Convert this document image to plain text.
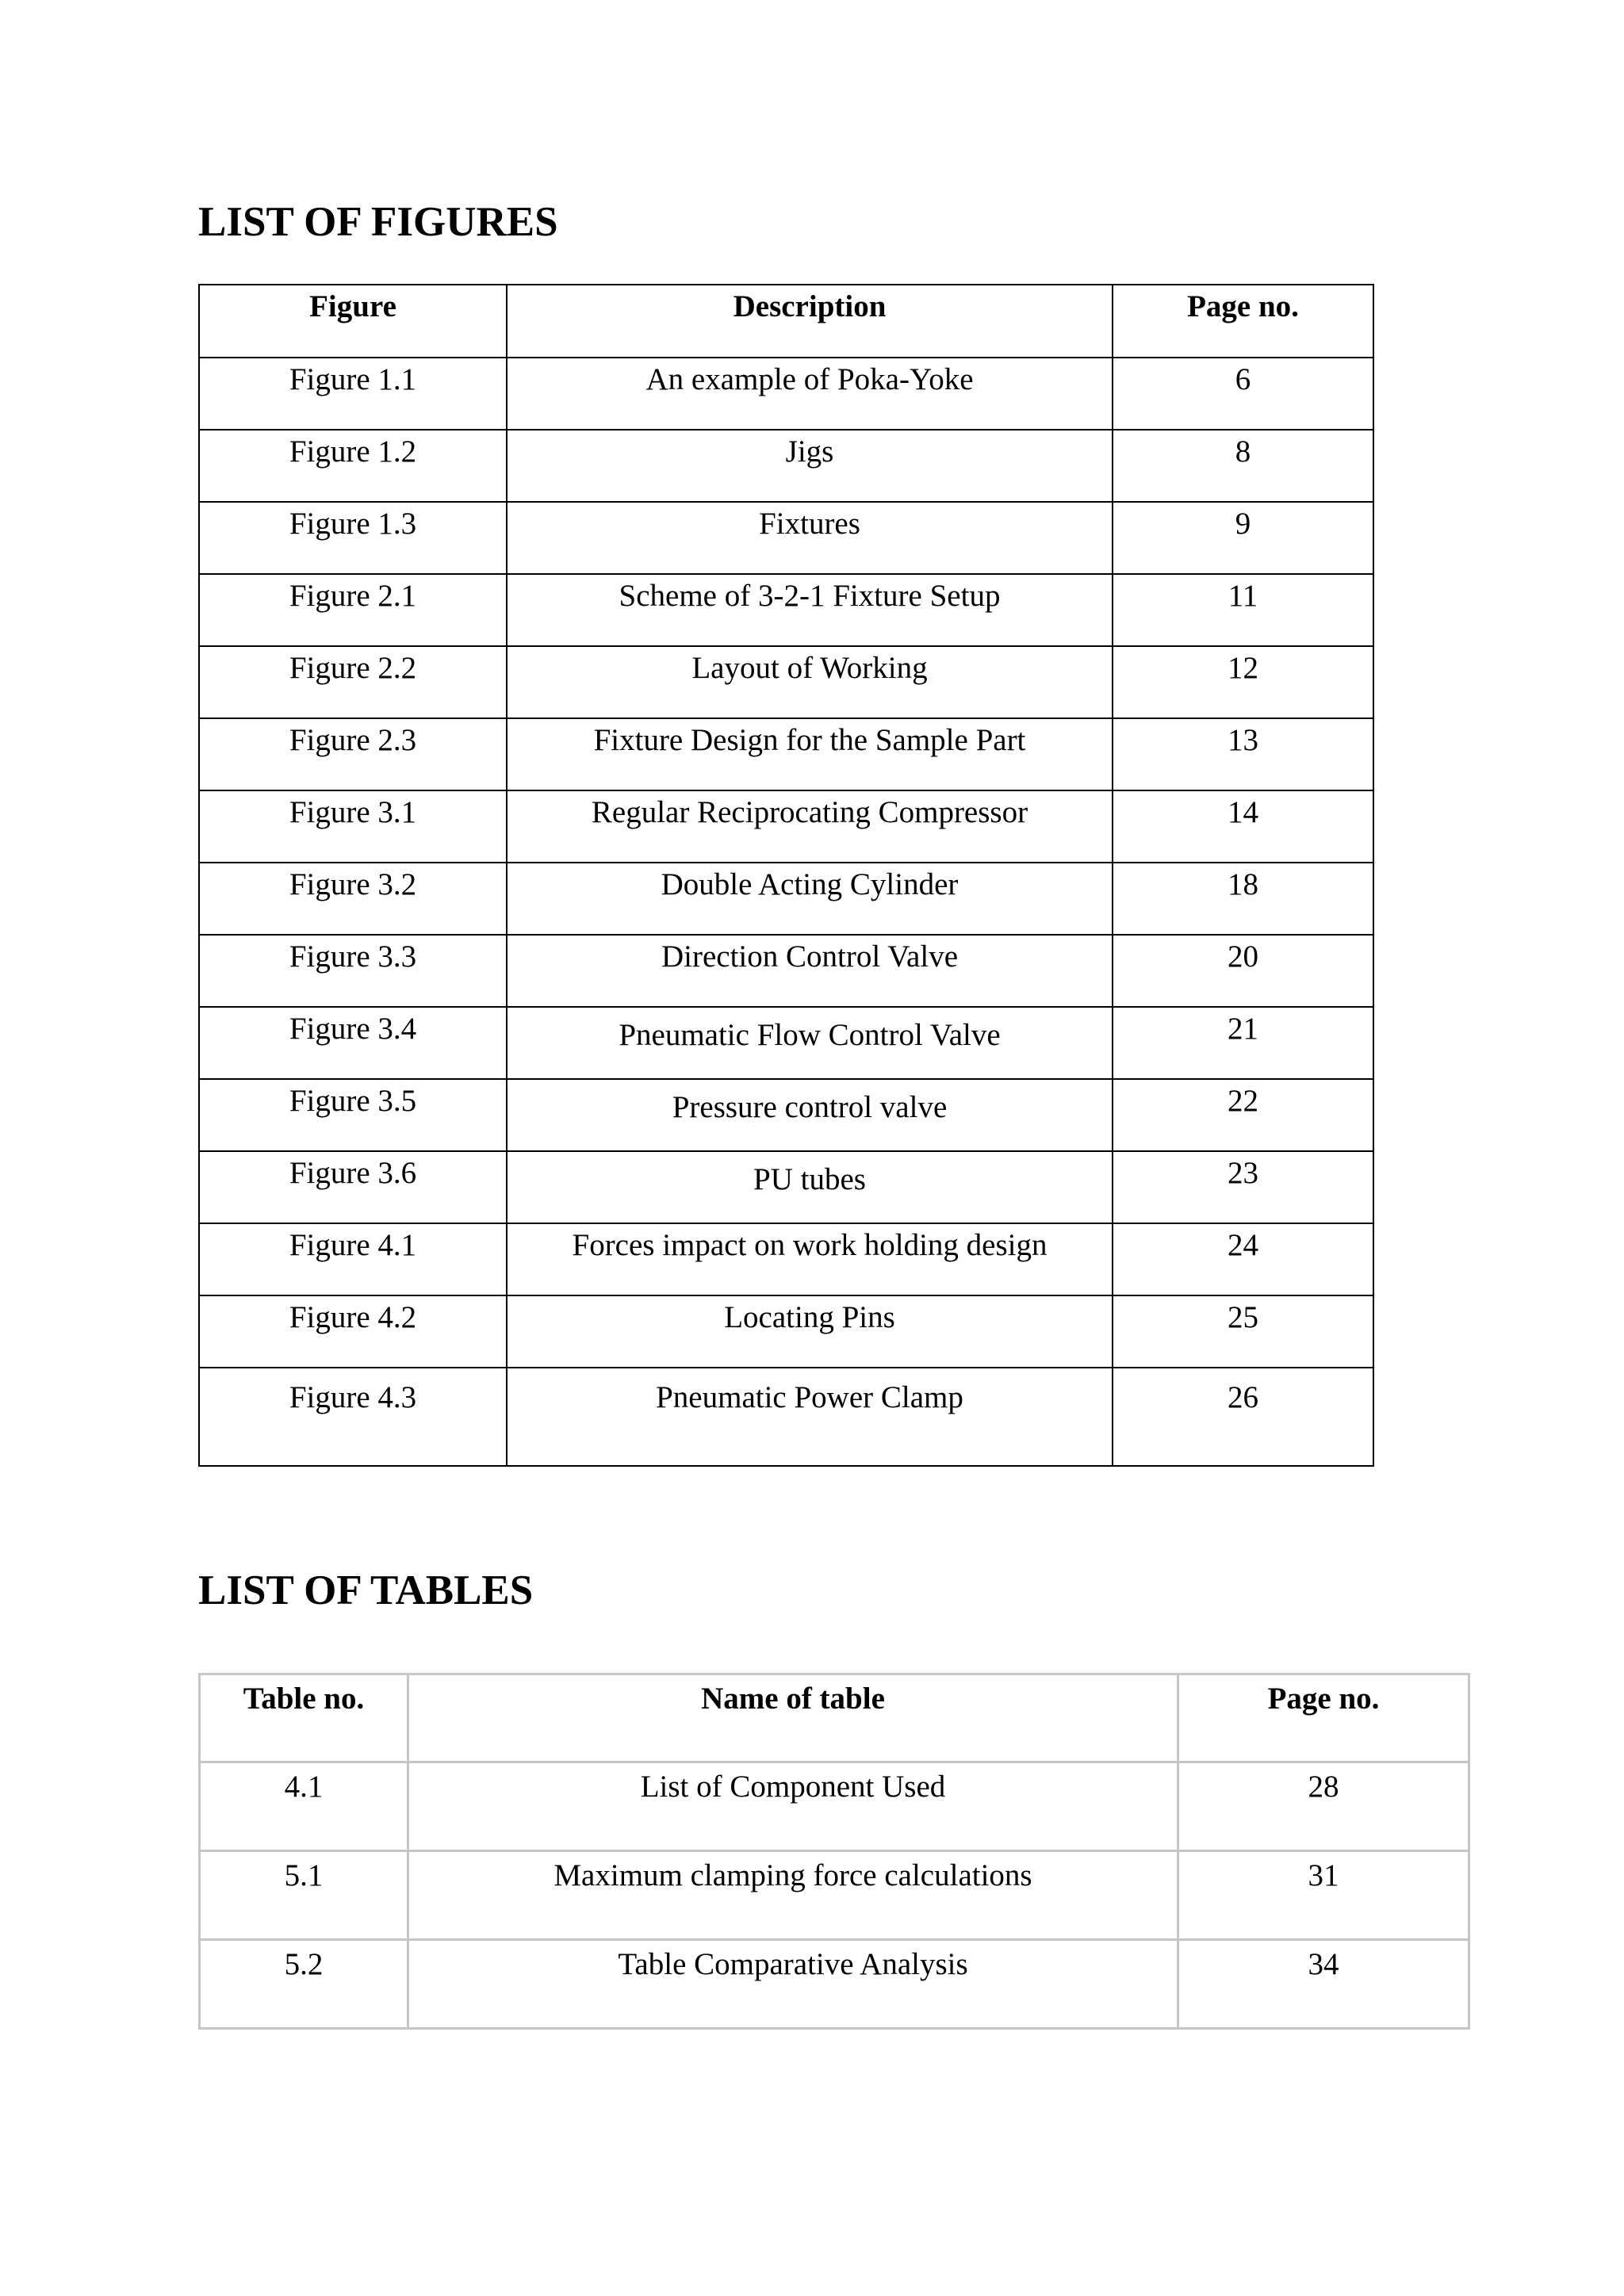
LIST OF FIGURES
Figure	Description	Page no.
Figure 1.1	An example of Poka-Yoke	6
Figure 1.2	Jigs	8
Figure 1.3	Fixtures	9
Figure 2.1	Scheme of 3-2-1 Fixture Setup	11
Figure 2.2	Layout of Working	12
Figure 2.3	Fixture Design for the Sample Part	13
Figure 3.1	Regular Reciprocating Compressor	14
Figure 3.2	Double Acting Cylinder	18
Figure 3.3	Direction Control Valve	20
Figure 3.4	Pneumatic Flow Control Valve	21
Figure 3.5	Pressure control valve	22
Figure 3.6	PU tubes	23
Figure 4.1	Forces impact on work holding design	24
Figure 4.2	Locating Pins	25
Figure 4.3	Pneumatic Power Clamp	26
LIST OF TABLES
Table no.	Name of table	Page no.
4.1	List of Component Used	28
5.1	Maximum clamping force calculations	31
5.2	Table Comparative Analysis	34
